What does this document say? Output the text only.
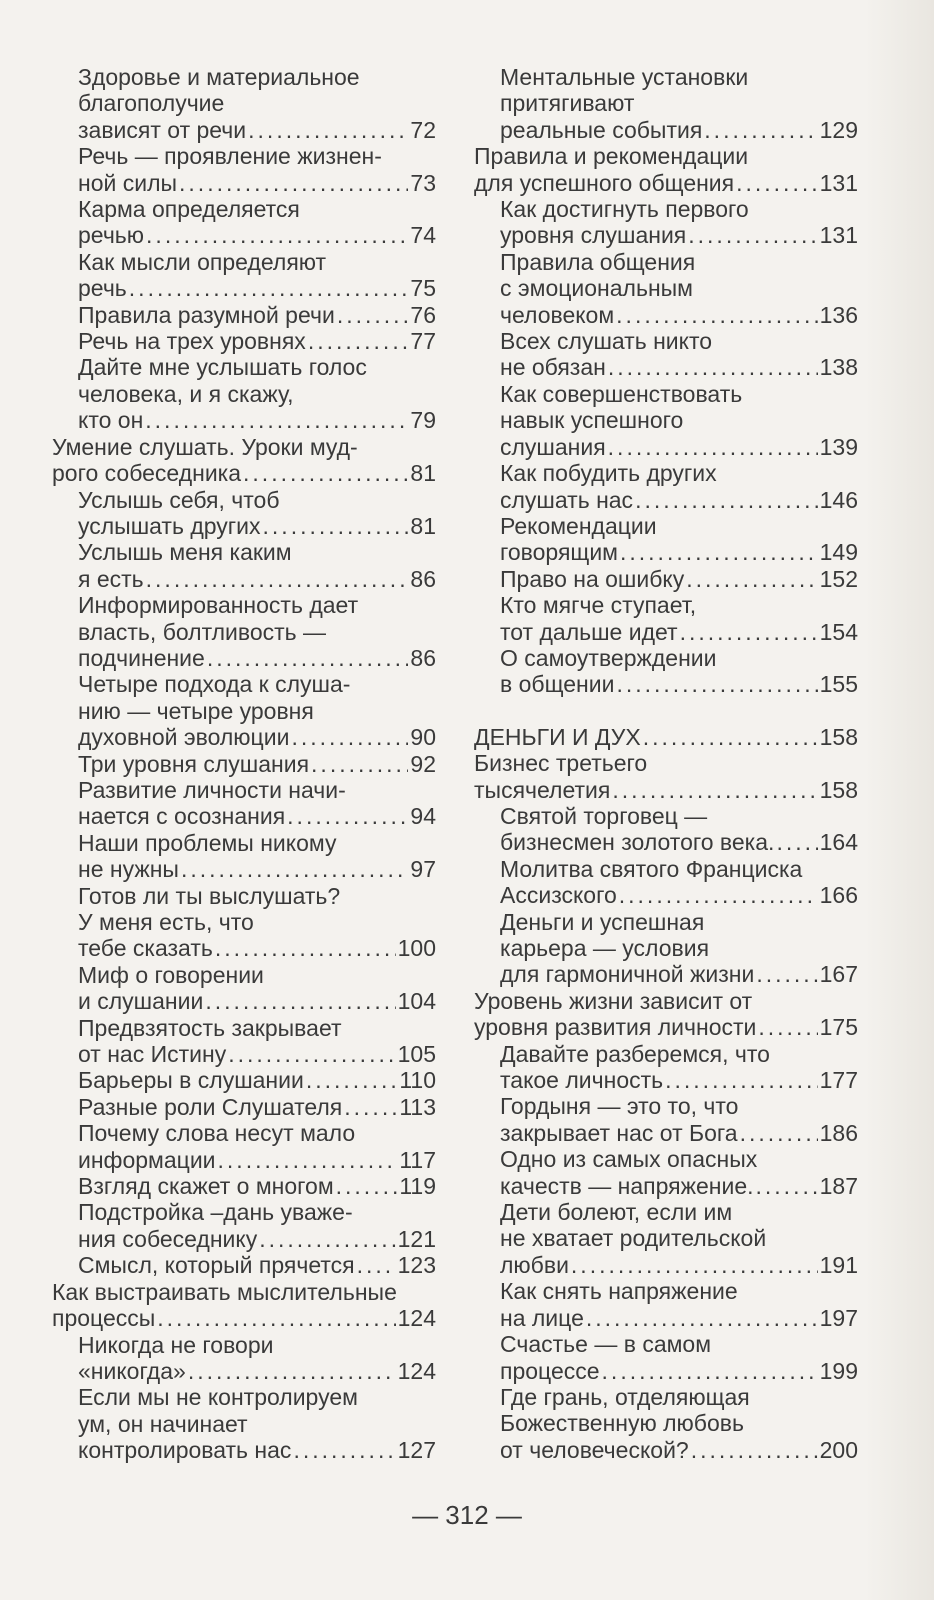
Здоровье и материальное
благополучие
зависят от речи .....	72
Речь — проявление жизнен-
ной силы .....	73
Карма определяется
речью .....	74
Как мысли определяют
речь .....	75
Правила разумной речи .....	76
Речь на трех уровнях .....	77
Дайте мне услышать голос
человека, и я скажу,
кто он .....	79
Умение слушать. Уроки муд-
рого собеседника .....	81
Услышь себя, чтоб
услышать других .....	81
Услышь меня каким
я есть .....	86
Информированность дает
власть, болтливость —
подчинение .....	86
Четыре подхода к слуша-
нию — четыре уровня
духовной эволюции .....	90
Три уровня слушания .....	92
Развитие личности начи-
нается с осознания .....	94
Наши проблемы никому
не нужны .....	97
Готов ли ты выслушать?
У меня есть, что
тебе сказать .....	100
Миф о говорении
и слушании .....	104
Предвзятость закрывает
от нас Истину .....	105
Барьеры в слушании .....	110
Разные роли Слушателя ..... 113
Почему слова несут мало
информации .....	117
Взгляд скажет о многом .....	119
Подстройка –дань уваже-
ния собеседнику .....	121
Смысл, который прячется ..... 123
Как выстраивать мыслительные
процессы .....	124
Никогда не говори
«никогда» .....	124
Если мы не контролируем
ум, он начинает
контролировать нас .....	127
Ментальные установки
притягивают
реальные события .....	129
Правила и рекомендации
для успешного общения .....	131
Как достигнуть первого
уровня слушания .....	131
Правила общения
с эмоциональным
человеком .....	136
Всех слушать никто
не обязан .....	138
Как совершенствовать
навык успешного
слушания .....	139
Как побудить других
слушать нас .....	146
Рекомендации
говорящим .....	149
Право на ошибку .....	152
Кто мягче ступает,
тот дальше идет .....	154
О самоутверждении
в общении .....	155
ДЕНЬГИ И ДУХ .....	158
Бизнес третьего
тысячелетия .....	158
Святой торговец —
бизнесмен золотого века. ..... 164
Молитва святого Франциска
Ассизского .....	166
Деньги и успешная
карьера — условия
для гармоничной жизни .....	167
Уровень жизни зависит от
уровня развития личности .....	175
Давайте разберемся, что
такое личность .....	177
Гордыня — это то, что
закрывает нас от Бога .....	186
Одно из самых опасных
качеств — напряжение. .....	187
Дети болеют, если им
не хватает родительской
любви .....	191
Как снять напряжение
на лице .....	197
Счастье — в самом
процессе .....	199
Где грань, отделяющая
Божественную любовь
от человеческой? .....	200
— 312 —
